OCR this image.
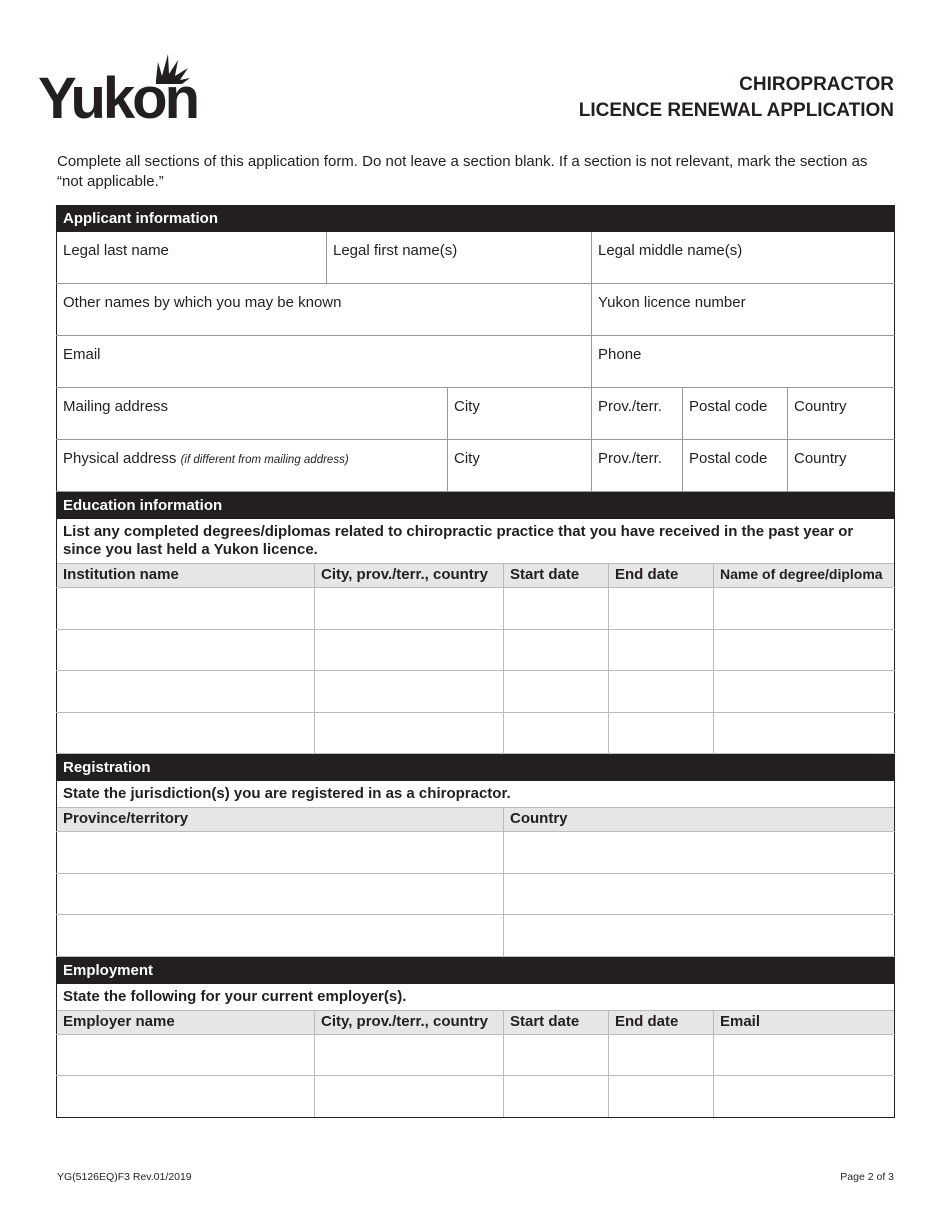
Yukon	CHIROPRACTOR
LICENCE RENEWAL APPLICATION
Complete all sections of this application form. Do not leave a section blank. If a section is not relevant, mark the section as “not applicable.”
Applicant information					
Legal last name	Legal first name(s)		Legal middle name(s)		
Other names by which you may be known			Yukon licence number		
Email			Phone		
Mailing address		City	Prov./terr.	Postal code	Country
Physical address (if different from mailing address)		City	Prov./terr.	Postal code	Country
Education information				
List any completed degrees/diplomas related to chiropractic practice that you have received in the past year or since you last held a Yukon licence.				
Institution name	City, prov./terr., country	Start date	End date	Name of degree/diploma

Registration	
State the jurisdiction(s) you are registered in as a chiropractor.	
Province/territory	Country

Employment				
State the following for your current employer(s).				
Employer name	City, prov./terr., country	Start date	End date	Email

YG(5126EQ)F3 Rev.01/2019	Page 2 of 3
